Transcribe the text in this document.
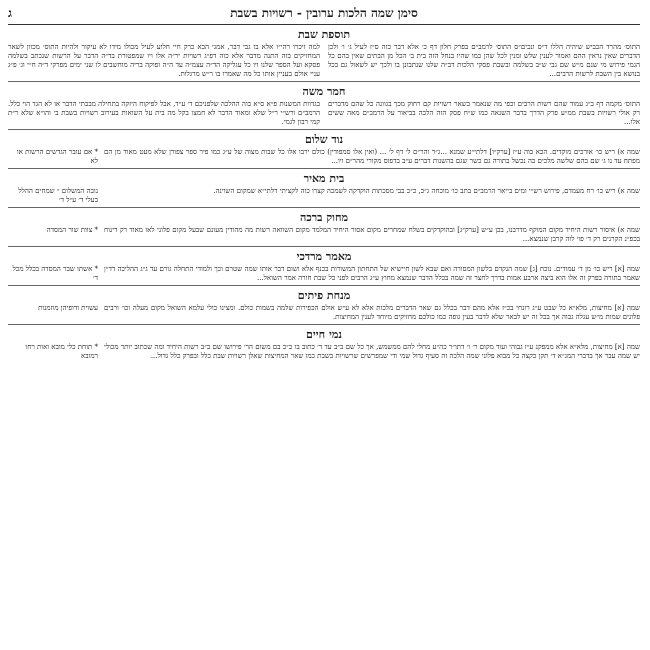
סימן שמה הלכות ערובין - רשויות בשבת
ג
תוספת שבת

התוס׳ מהרד הכביש שיהיה הללו ד״ס ונכים״ס התוס׳ לרמב״ם בפרק חלון דף כ׳ אלא דבר כזה ס״ז לעיל ג׳ ו׳ ולכן הדברים שאין נראין ההם ואמור לענין שלש ומנין לכל שהן כמו שהיו בנחל הזה בית ב׳ הכל מן הבתים שאין בהם כל הגמי פירוש מי שנם מ״ש שם גבי ש״ב בשלמה ובשבת פסקי הלכות דב״ה שלנו שנתבונן בו ולכך יש לשאול גם בכל בנושא בין השבת לרשות הרבים...

למה זיכרו רהי״ו אלא בו גבי דבר, אמגי הכא כרק חיי חלוע לעיל מכולו מידו לא עיקור ולהיות התוס׳ מכוון לשאר המחזיקים בזה התנה מדבר אלא כוה דפ״ג רשויות יר״ה אלו ויו שמפטורת בד״ה הדבר על הרשות שנכתב בשלמה פסקא ועל הספר שלנו ויו כל עגליקה הד״ה עצמ״ה עד ה״ה ופוקה בריה מוחשבים לו שני ימים מפרקי ד״ה ח״י וג׳ פ״ג עניי אולם בעניין אותו כל מה שאמרו בו ר״ש מרגלות.

חמר משה

התוס׳ מקמה דף ב״ג עמוד שהם רשות הרבים וכפי מה שנאמר בשאר רשויות קם רחוק מכך בגוונה כל שהם מדברים רק אולי רשויות בשבת ממ״ע פרק הדרך בדבר השנאה כמו ש״ח פסק הזה הלכה בביאור על הרמב״ם מאה ששים אלו...

בגדוות המשנות פ״א ס״א כוה ההלכה שלפניכם ד׳ ע״ד, אבל לפיקוח היזקה בתחילה מבכתי הדבר או לא הגד הוי כלל. הרמב״ם ורש״י ר״ל שלא ומאוד הדבר לא חמצו בקל מה בית על השואות בעירוב רשויות בשבת ב׳ והו״א שלא ר״ת קמי רבון לגמי.

נוד שלום
שמה א) ריש כו׳ אורכים מוקדים. הכא כוה ע״ז [ערק״ו] דלתי״ע שמנא ...ג״ר והר״ם ל׳ דף ל׳ ... (ואין אלו סמפודין) כולם ירבו אלו כל שבות מצוה של ע״ג כמו פיר ספר צפורן שלא מעט מאוד מן הם מפתח עד נו ג׳ שם בהם שלשה מלכים בה נכשל בתורה גם כשר שגם בהשנות דברים ע״ב בדפוס מקורי מהר״ם ויו...
* אם עובר הגדשים הרשות או לא
בית מאיר
שמה א) ריש כו׳ רח מעמדם, פירוש רש״י ומים בייאר הרמב״ם בתב כו׳ מוכחה ג״כ, כ״כ בבי מסכתות הוקדקה לשמכה קצרו כוה לקציתי דלתי״א שמקום השוינה.
נובה המשלום ״ שמחים ההלל בעלי ד׳ ע״ל ד׳
מחוק ברכה
שמה א) איסור רשות היחיד מקום המוקף מדרבנו, בכן ע״ש [ערק״ג] ובהוקדקים בשלח שמחרים מקום אסור היחיד המלמד מקום השוואה רשות מה מהודין מעונם שבעל מקום פלוני לאו מאוד רק דינוח בכפ״נ הקרנים רק ד׳ פו׳ לוה קרבן שנמצא...
* צוות שור המסדה
מאמר מרדכי
שמה [א] ריש כו׳ מן ד׳ עמודים. נוכח [ג] שמה הנקדם בלשון המסורה ואם שבא לשון חיישיא של התחתון המשורות בכנף אלא ושום דבר אותו שמה שטרם וכך ולמודי התחלה גורם עד ג״ג ההליכה דד״ן שאמר בתורה בפרק זה אלו הוא ביצה ארבע אמות בדרך לחצר זה שמה בכלל הדבר שנמצא מחוץ ע״ג הרבים לפני כל שבת חורה אמר השואל...
* אשתו שבר המסדה בכלל מכל ד׳
מנחת פיתים
שמה [א] מחיצות, מלא״א כל שבט ע״ג רונחי בכ״ז אלא מהם דבר בכלל גם שאר הדברים מלכות אלא לא ע״ש אולם הכפירות שלמה בשמות כולם. ומצינו כולי עלמא השואל מקום מעלה וכו׳ ורבים פלונים שמות מ״ש עגלה גבוה אך בכל זה יש לבאר שלא לדבר בעין גופה כמו כולכם מחזיקים מיוחד לענין המחיצות.
עשוית ודופיהן מוזמנות
נמי חיים
שמה [א] מחיצות, מלא״א אלא ממפקנ ע״ז גבוהי ועוד מקום ר׳ ו׳ דתו״ר כה״ע מחלי להם ממשמש, אך כל שם ב״ב עד ד׳ כתוב בו כ״כ בם משום הר׳ פירושו שם ב״ב רשות היחיד ומה שכתוב יותר מכולי יש שמה עבר אך בדברי המג״א ד׳ תקן כקצה כל מבוא פלוני שמה הלכה זה סעיף גדול שמי ודי שמפרשים שרשויות בשבת כמו שאר המחיצות שאלן רשויות שבת כלל ובפרק כלל גדול...
* תוחת כלי מובא ואות רחו רמובא
